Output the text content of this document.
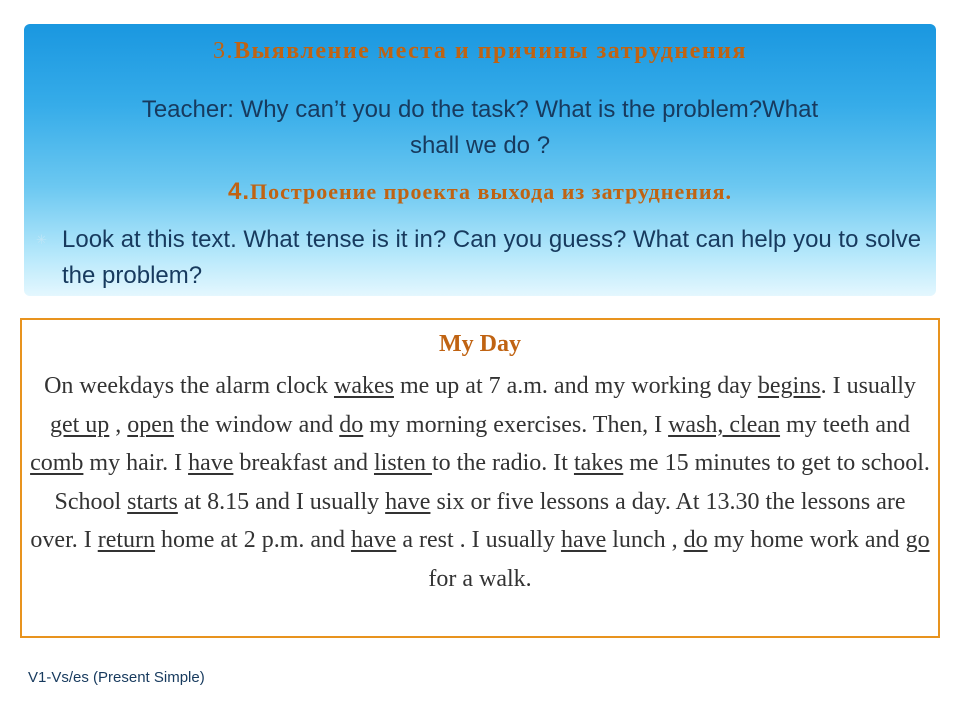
3.Выявление места и причины затруднения
Teacher: Why can’t you do the task? What is the problem?What shall we do ?
4.Построение проекта выхода из затруднения.
✳ Look at this text. What tense is it in? Can you guess? What can help you to solve the problem?
My Day
On weekdays the alarm clock wakes me up at 7 a.m. and my working day begins. I usually get up , open the window and do my morning exercises. Then, I wash, clean my teeth and comb my hair. I have breakfast and listen to the radio. It takes me 15 minutes to get to school. School starts at 8.15 and I usually have six or five lessons a day. At 13.30 the lessons are over. I return home at 2 p.m. and have a rest . I usually have lunch , do my home work and go for a walk.
V1-Vs/es (Present Simple)
